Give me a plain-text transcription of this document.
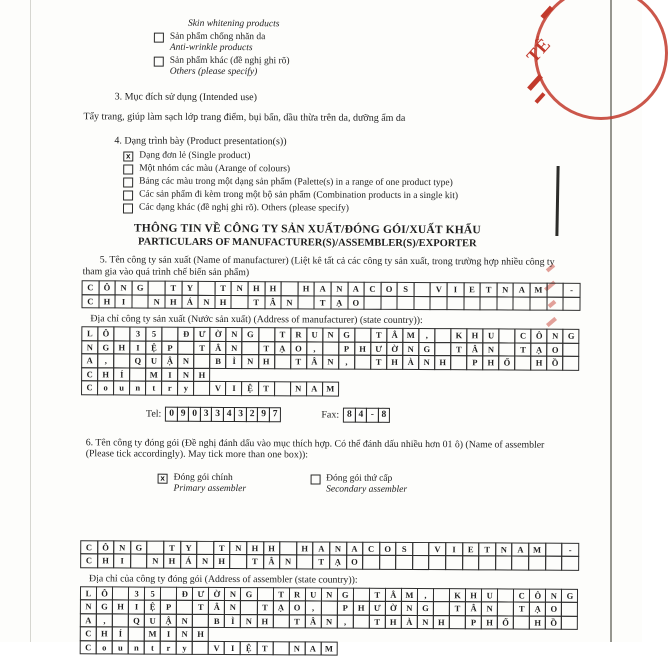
TẾ
Skin whitening products
Sản phẩm chống nhăn da
Anti-wrinkle products
Sản phẩm khác (đề nghị ghi rõ)
Others (please specify)
3. Mục đích sử dụng (Intended use)
Tẩy trang, giúp làm sạch lớp trang điểm, bụi bẩn, dầu thừa trên da, dưỡng ẩm da
4. Dạng trình bày (Product presentation(s))
x Dạng đơn lẻ (Single product)
Một nhóm các màu (Arange of colours)
Bảng các màu trong một dạng sản phẩm (Palette(s) in a range of one product type)
Các sản phẩm đi kèm trong một bộ sản phẩm (Combination products in a single kit)
Các dạng khác (đề nghị ghi rõ). Others (please specify)
THÔNG TIN VỀ CÔNG TY SẢN XUẤT/ĐÓNG GÓI/XUẤT KHẨU
PARTICULARS OF MANUFACTURER(S)/ASSEMBLER(S)/EXPORTER
5. Tên công ty sản xuất (Name of manufacturer) (Liệt kê tất cả các công ty sản xuất, trong trường hợp nhiều công ty tham gia vào quá trình chế biến sản phẩm)
C	Ô	N	G	T	Y	T	N	H	H	H	A	N	A	C	O	S	V	I	E	T	N	A	M	-
C	H	I	N	H	Á	N	H	T	Â	N	T	Ạ	O
Địa chỉ công ty sản xuất (Nước sản xuất) (Address of manufacturer) (state country)):
L	Ô	3	5	Đ	Ư	Ờ	N	G	T	R	U	N	G	T	Â	M	,	K	H	U	C	Ô	N	G
N	G	H	I	Ệ	P	T	Â	N	T	Ạ	O	,	P	H	Ư	Ờ	N	G	T	Â	N	T	Ạ	O
A	,	Q	U	Ậ	N	B	Ì	N	H	T	Â	N	,	T	H	À	N	H	P	H	Ố	H	Ồ
C	H	Í	M	I	N	H
C	o	u	n	t	r	y	V	I	Ệ	T	N	A	M
Tel: 0 9 0 3 3 4 3 2 9 7	Fax: 8 4 - 8
6. Tên công ty đóng gói (Đề nghị đánh dấu vào mục thích hợp. Có thể đánh dấu nhiều hơn 01 ô) (Name of assembler (Please tick accordingly). May tick more than one box)):
x Đóng gói chính
Primary assembler
Đóng gói thứ cấp
Secondary assembler
C	Ô	N	G	T	Y	T	N	H	H	H	A	N	A	C	O	S	V	I	E	T	N	A	M	-
C	H	I	N	H	Á	N	H	T	Â	N	T	Ạ	O
Địa chỉ của công ty đóng gói (Address of assembler (state country)):
L	Ô	3	5	Đ	Ư	Ờ	N	G	T	R	U	N	G	T	Â	M	,	K	H	U	C	Ô	N	G
N	G	H	I	Ệ	P	T	Â	N	T	Ạ	O	,	P	H	Ư	Ờ	N	G	T	Â	N	T	Ạ	O
A	,	Q	U	Ậ	N	B	Ì	N	H	T	Â	N	,	T	H	À	N	H	P	H	Ố	H	Ồ
C	H	Í	M	I	N	H
C	o	u	n	t	r	y	V	I	Ệ	T	N	A	M
